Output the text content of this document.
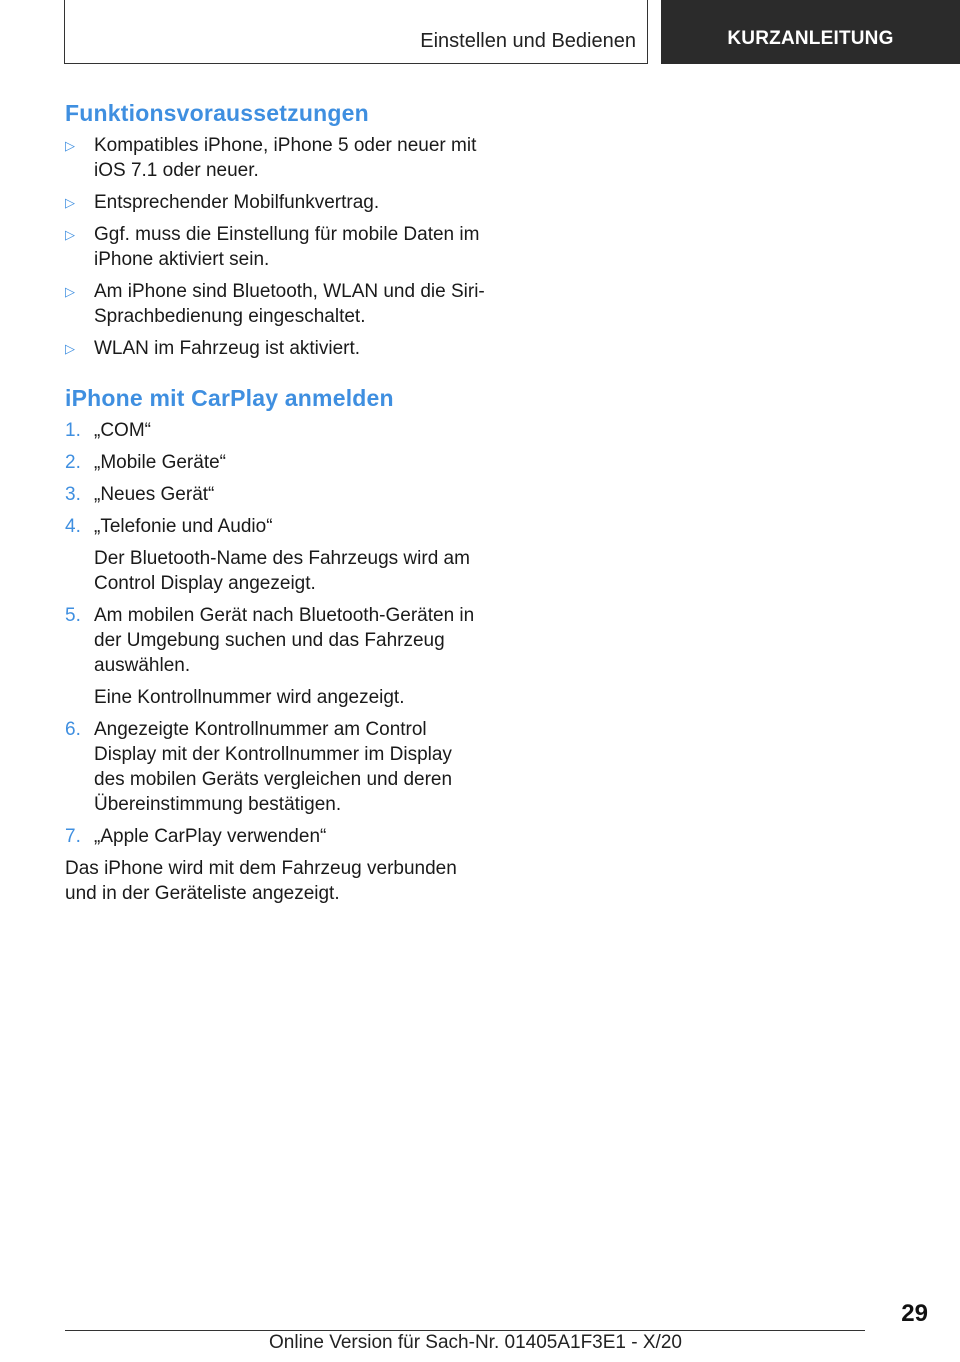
Einstellen und Bedienen	KURZANLEITUNG
Funktionsvoraussetzungen
▷ Kompatibles iPhone, iPhone 5 oder neuer mit iOS 7.1 oder neuer.
▷ Entsprechender Mobilfunkvertrag.
▷ Ggf. muss die Einstellung für mobile Daten im iPhone aktiviert sein.
▷ Am iPhone sind Bluetooth, WLAN und die Siri-Sprachbedienung eingeschaltet.
▷ WLAN im Fahrzeug ist aktiviert.
iPhone mit CarPlay anmelden
1. „COM“
2. „Mobile Geräte“
3. „Neues Gerät“
4. „Telefonie und Audio“
Der Bluetooth-Name des Fahrzeugs wird am Control Display angezeigt.
5. Am mobilen Gerät nach Bluetooth-Geräten in der Umgebung suchen und das Fahrzeug auswählen.
Eine Kontrollnummer wird angezeigt.
6. Angezeigte Kontrollnummer am Control Display mit der Kontrollnummer im Display des mobilen Geräts vergleichen und deren Übereinstimmung bestätigen.
7. „Apple CarPlay verwenden“

Das iPhone wird mit dem Fahrzeug verbunden und in der Geräteliste angezeigt.

29
Online Version für Sach-Nr. 01405A1F3E1 - X/20
